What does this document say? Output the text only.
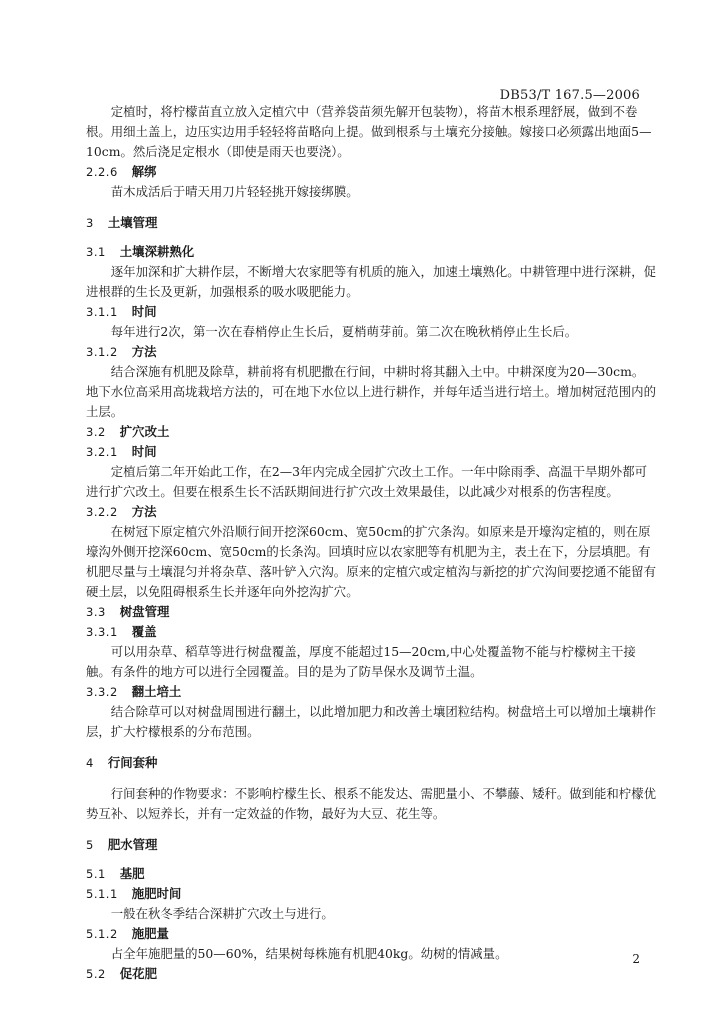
DB53/T 167.5—2006

定植时，将柠檬苗直立放入定植穴中（营养袋苗须先解开包装物），将苗木根系理舒展，做到不卷根。用细土盖上，边压实边用手轻轻将苗略向上提。做到根系与土壤充分接触。嫁接口必须露出地面5—10cm。然后浇足定根水（即使是雨天也要浇）。

2.2.6 解绑

苗木成活后于晴天用刀片轻轻挑开嫁接绑膜。

3 土壤管理

3.1 土壤深耕熟化

逐年加深和扩大耕作层，不断增大农家肥等有机质的施入，加速土壤熟化。中耕管理中进行深耕，促进根群的生长及更新，加强根系的吸水吸肥能力。

3.1.1 时间

每年进行2次，第一次在春梢停止生长后，夏梢萌芽前。第二次在晚秋梢停止生长后。

3.1.2 方法

结合深施有机肥及除草，耕前将有机肥撒在行间，中耕时将其翻入土中。中耕深度为20—30cm。地下水位高采用高垅栽培方法的，可在地下水位以上进行耕作，并每年适当进行培土。增加树冠范围内的土层。

3.2 扩穴改土

3.2.1 时间

定植后第二年开始此工作，在2—3年内完成全园扩穴改土工作。一年中除雨季、高温干旱期外都可进行扩穴改土。但要在根系生长不活跃期间进行扩穴改土效果最佳，以此减少对根系的伤害程度。

3.2.2 方法

在树冠下原定植穴外沿顺行间开挖深60cm、宽50cm的扩穴条沟。如原来是开壕沟定植的，则在原壕沟外侧开挖深60cm、宽50cm的长条沟。回填时应以农家肥等有机肥为主，表土在下，分层填肥。有机肥尽量与土壤混匀并将杂草、落叶铲入穴沟。原来的定植穴或定植沟与新挖的扩穴沟间要挖通不能留有硬土层，以免阻碍根系生长并逐年向外挖沟扩穴。

3.3 树盘管理

3.3.1 覆盖

可以用杂草、稻草等进行树盘覆盖，厚度不能超过15—20cm,中心处覆盖物不能与柠檬树主干接触。有条件的地方可以进行全园覆盖。目的是为了防旱保水及调节土温。

3.3.2 翻土培土

结合除草可以对树盘周围进行翻土，以此增加肥力和改善土壤团粒结构。树盘培土可以增加土壤耕作层，扩大柠檬根系的分布范围。

4 行间套种

行间套种的作物要求：不影响柠檬生长、根系不能发达、需肥量小、不攀藤、矮秆。做到能和柠檬优势互补、以短养长，并有一定效益的作物，最好为大豆、花生等。

5 肥水管理

5.1 基肥

5.1.1 施肥时间

一般在秋冬季结合深耕扩穴改土与进行。

5.1.2 施肥量

占全年施肥量的50—60%，结果树每株施有机肥40kg。幼树的情减量。

5.2 促花肥

2
